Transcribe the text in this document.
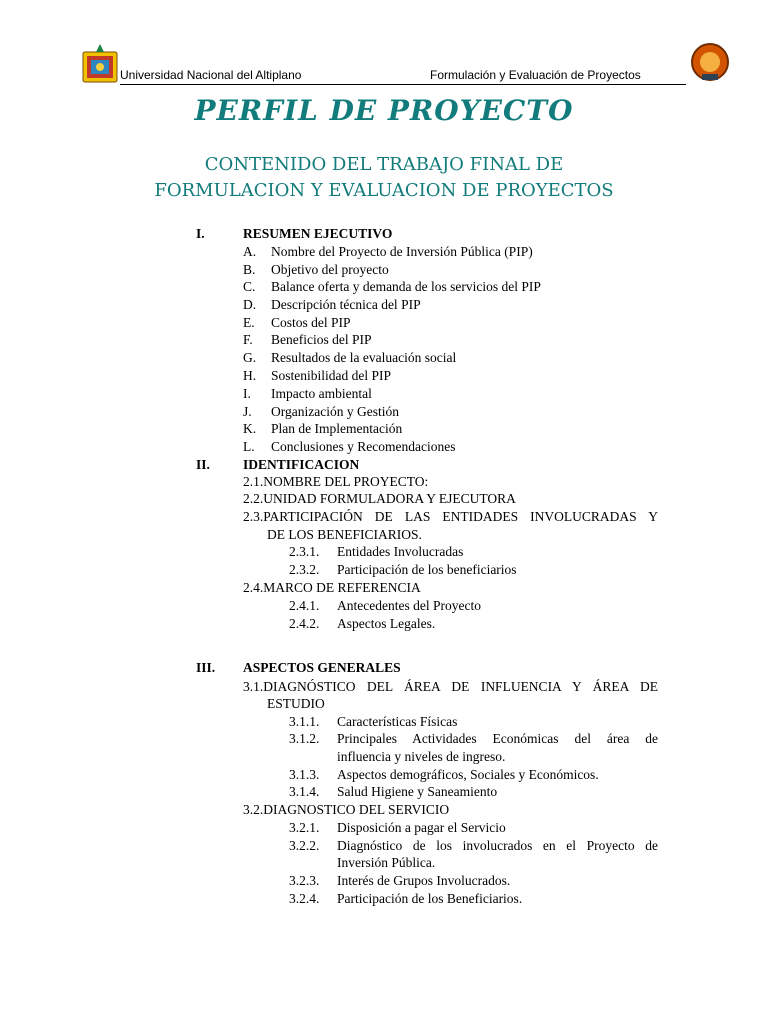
Universidad Nacional del Altiplano	Formulación y Evaluación de Proyectos
PERFIL DE PROYECTO
CONTENIDO DEL TRABAJO FINAL DE
FORMULACION Y EVALUACION DE PROYECTOS
I.	RESUMEN EJECUTIVO
A. Nombre del Proyecto de Inversión Pública (PIP)
B. Objetivo del proyecto
C. Balance oferta y demanda de los servicios del PIP
D. Descripción técnica del PIP
E. Costos del PIP
F. Beneficios del PIP
G. Resultados de la evaluación social
H. Sostenibilidad del PIP
I. Impacto ambiental
J. Organización y Gestión
K. Plan de Implementación
L. Conclusiones y Recomendaciones
II. IDENTIFICACION
2.1.NOMBRE DEL PROYECTO:
2.2.UNIDAD FORMULADORA Y EJECUTORA
2.3.PARTICIPACIÓN DE LAS ENTIDADES INVOLUCRADAS Y
DE LOS BENEFICIARIOS.
2.3.1. Entidades Involucradas
2.3.2. Participación de los beneficiarios
2.4.MARCO DE REFERENCIA
2.4.1. Antecedentes del Proyecto
2.4.2. Aspectos Legales.
III. ASPECTOS GENERALES
3.1.DIAGNÓSTICO DEL ÁREA DE INFLUENCIA Y ÁREA DE
ESTUDIO
3.1.1. Características Físicas
3.1.2. Principales Actividades Económicas del área de
influencia y niveles de ingreso.
3.1.3. Aspectos demográficos, Sociales y Económicos.
3.1.4. Salud Higiene y Saneamiento
3.2.DIAGNOSTICO DEL SERVICIO
3.2.1. Disposición a pagar el Servicio
3.2.2. Diagnóstico de los involucrados en el Proyecto de
Inversión Pública.
3.2.3. Interés de Grupos Involucrados.
3.2.4. Participación de los Beneficiarios.
